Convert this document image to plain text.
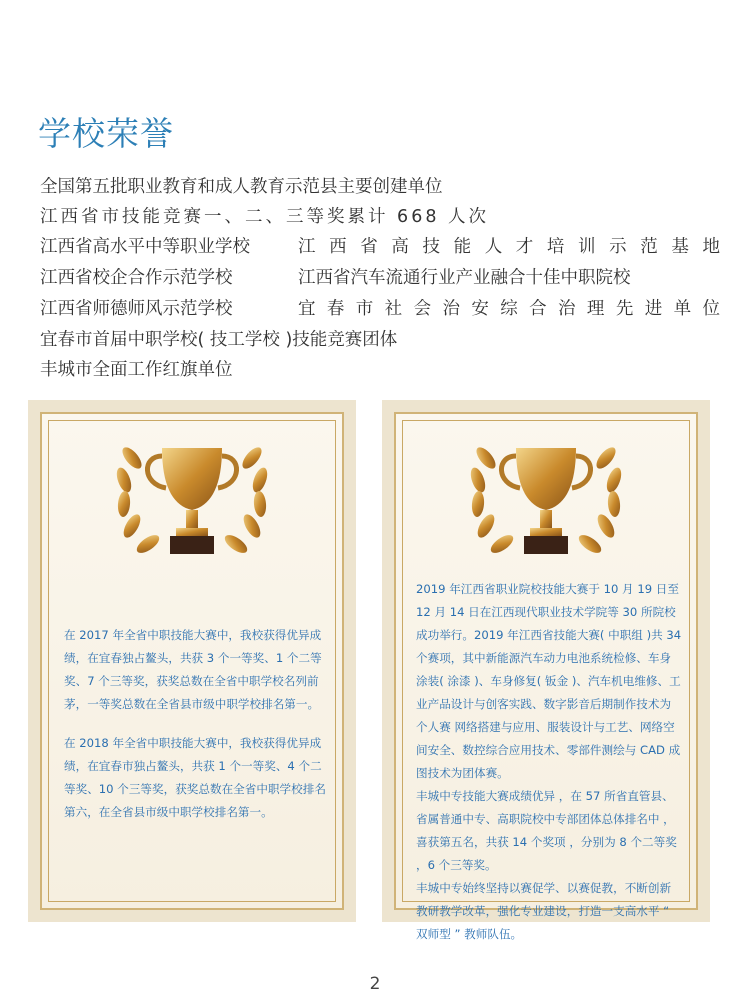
学校荣誉
全国第五批职业教育和成人教育示范县主要创建单位
江西省市技能竞赛一、二、三等奖累计 668 人次
江西省高水平中等职业学校	江西省高技能人才培训示范基地
江西省校企合作示范学校	江西省汽车流通行业产业融合十佳中职院校
江西省师德师风示范学校	宜春市社会治安综合治理先进单位
宜春市首届中职学校( 技工学校 )技能竞赛团体
丰城市全面工作红旗单位

在 2017 年全省中职技能大赛中，我校获得优异成绩，在宜春独占鳌头，共获 3 个一等奖、1 个二等奖、7 个三等奖，获奖总数在全省中职学校名列前茅，一等奖总数在全省县市级中职学校排名第一。

在 2018 年全省中职技能大赛中，我校获得优异成绩，在宜春市独占鳌头，共获 1 个一等奖、4 个二等奖、10 个三等奖，获奖总数在全省中职学校排名第六，在全省县市级中职学校排名第一。

2019 年江西省职业院校技能大赛于 10 月 19 日至 12 月 14 日在江西现代职业技术学院等 30 所院校成功举行。2019 年江西省技能大赛( 中职组 )共 34 个赛项，其中新能源汽车动力电池系统检修、车身涂装( 涂漆 )、车身修复( 钣金 )、汽车机电维修、工业产品设计与创客实践、数字影音后期制作技术为个人赛 网络搭建与应用、服装设计与工艺、网络空间安全、数控综合应用技术、零部件测绘与 CAD 成图技术为团体赛。

丰城中专技能大赛成绩优异 ，在 57 所省直管县、省属普通中专、高职院校中专部团体总体排名中 ，喜获第五名，共获 14 个奖项 ，分别为 8 个二等奖 ，6 个三等奖。

丰城中专始终坚持以赛促学、以赛促教，不断创新教研教学改革，强化专业建设，打造一支高水平 “ 双师型 ” 教师队伍。

2
